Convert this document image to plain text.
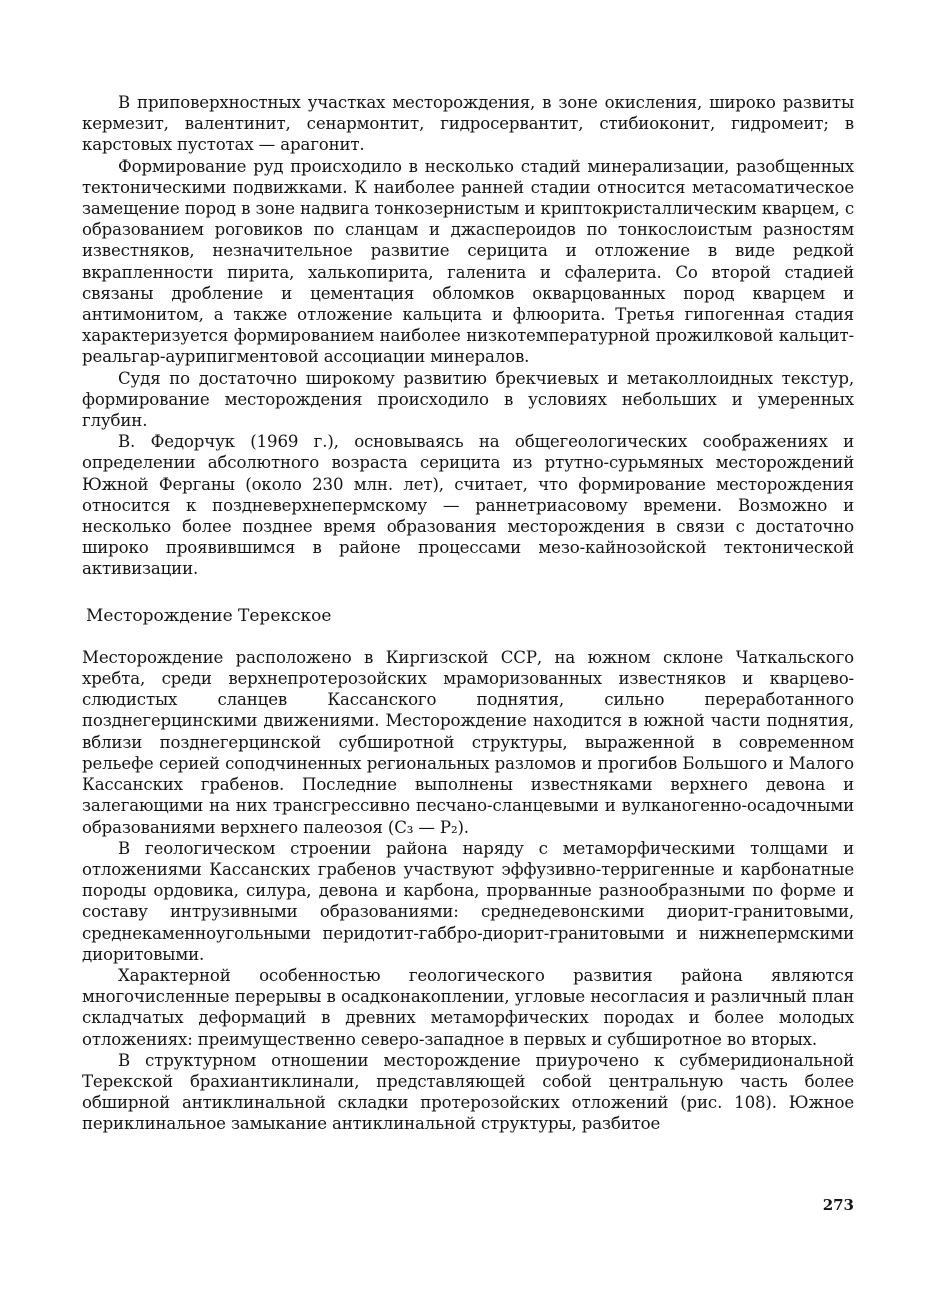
В приповерхностных участках месторождения, в зоне окисления, широко развиты кермезит, валентинит, сенармонтит, гидросервантит, стибиоконит, гидромеит; в карстовых пустотах — арагонит.

Формирование руд происходило в несколько стадий минерализации, разобщенных тектоническими подвижками. К наиболее ранней стадии относится метасоматическое замещение пород в зоне надвига тонкозернистым и криптокристаллическим кварцем, с образованием роговиков по сланцам и джаспероидов по тонкослоистым разностям известняков, незначительное развитие серицита и отложение в виде редкой вкрапленности пирита, халькопирита, галенита и сфалерита. Со второй стадией связаны дробление и цементация обломков окварцованных пород кварцем и антимонитом, а также отложение кальцита и флюорита. Третья гипогенная стадия характеризуется формированием наиболее низкотемпературной прожилковой кальцит-реальгар-аурипигментовой ассоциации минералов.

Судя по достаточно широкому развитию брекчиевых и метаколлоидных текстур, формирование месторождения происходило в условиях небольших и умеренных глубин.

В. Федорчук (1969 г.), основываясь на общегеологических соображениях и определении абсолютного возраста серицита из ртутно-сурьмяных месторождений Южной Ферганы (около 230 млн. лет), считает, что формирование месторождения относится к поздневерхнепермскому — раннетриасовому времени. Возможно и несколько более позднее время образования месторождения в связи с достаточно широко проявившимся в районе процессами мезо-кайнозойской тектонической активизации.

Месторождение Терекское

Месторождение расположено в Киргизской ССР, на южном склоне Чаткальского хребта, среди верхнепротерозойских мраморизованных известняков и кварцево-слюдистых сланцев Кассанского поднятия, сильно переработанного позднегерцинскими движениями. Месторождение находится в южной части поднятия, вблизи позднегерцинской субширотной структуры, выраженной в современном рельефе серией соподчиненных региональных разломов и прогибов Большого и Малого Кассанских грабенов. Последние выполнены известняками верхнего девона и залегающими на них трансгрессивно песчано-сланцевыми и вулканогенно-осадочными образованиями верхнего палеозоя (C₃ — P₂).

В геологическом строении района наряду с метаморфическими толщами и отложениями Кассанских грабенов участвуют эффузивно-терригенные и карбонатные породы ордовика, силура, девона и карбона, прорванные разнообразными по форме и составу интрузивными образованиями: среднедевонскими диорит-гранитовыми, среднекаменноугольными перидотит-габбро-диорит-гранитовыми и нижнепермскими диоритовыми.

Характерной особенностью геологического развития района являются многочисленные перерывы в осадконакоплении, угловые несогласия и различный план складчатых деформаций в древних метаморфических породах и более молодых отложениях: преимущественно северо-западное в первых и субширотное во вторых.

В структурном отношении месторождение приурочено к субмеридиональной Терекской брахиантиклинали, представляющей собой центральную часть более обширной антиклинальной складки протерозойских отложений (рис. 108). Южное периклинальное замыкание антиклинальной структуры, разбитое

273
